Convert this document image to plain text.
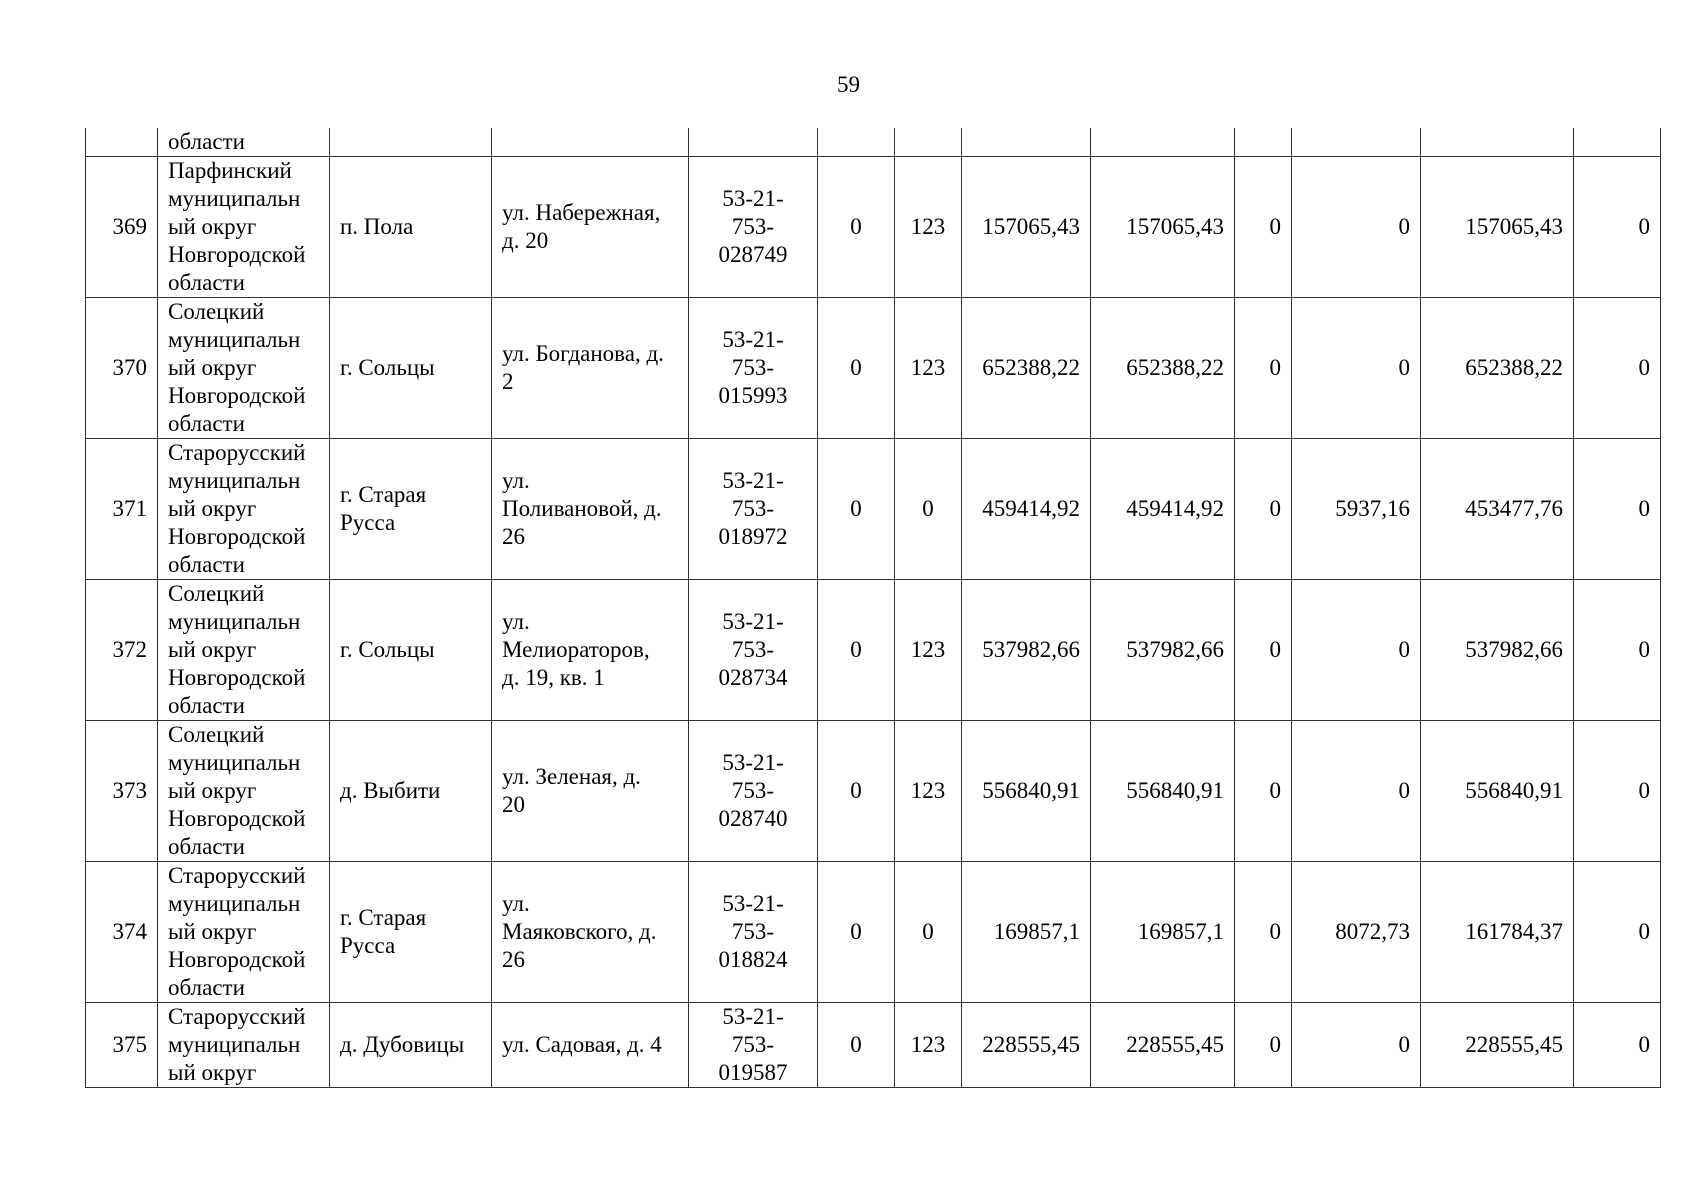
59
	области											
369	Парфинский
муниципальн
ый округ
Новгородской
области	п. Пола	ул. Набережная,
д. 20	53-21-
753-
028749	0	123	157065,43	157065,43	0	0	157065,43	0
370	Солецкий
муниципальн
ый округ
Новгородской
области	г. Сольцы	ул. Богданова, д.
2	53-21-
753-
015993	0	123	652388,22	652388,22	0	0	652388,22	0
371	Старорусский
муниципальн
ый округ
Новгородской
области	г. Старая
Русса	ул.
Поливановой, д.
26	53-21-
753-
018972	0	0	459414,92	459414,92	0	5937,16	453477,76	0
372	Солецкий
муниципальн
ый округ
Новгородской
области	г. Сольцы	ул.
Мелиораторов,
д. 19, кв. 1	53-21-
753-
028734	0	123	537982,66	537982,66	0	0	537982,66	0
373	Солецкий
муниципальн
ый округ
Новгородской
области	д. Выбити	ул. Зеленая, д.
20	53-21-
753-
028740	0	123	556840,91	556840,91	0	0	556840,91	0
374	Старорусский
муниципальн
ый округ
Новгородской
области	г. Старая
Русса	ул.
Маяковского, д.
26	53-21-
753-
018824	0	0	169857,1	169857,1	0	8072,73	161784,37	0
375	Старорусский
муниципальн
ый округ	д. Дубовицы	ул. Садовая, д. 4	53-21-
753-
019587	0	123	228555,45	228555,45	0	0	228555,45	0
